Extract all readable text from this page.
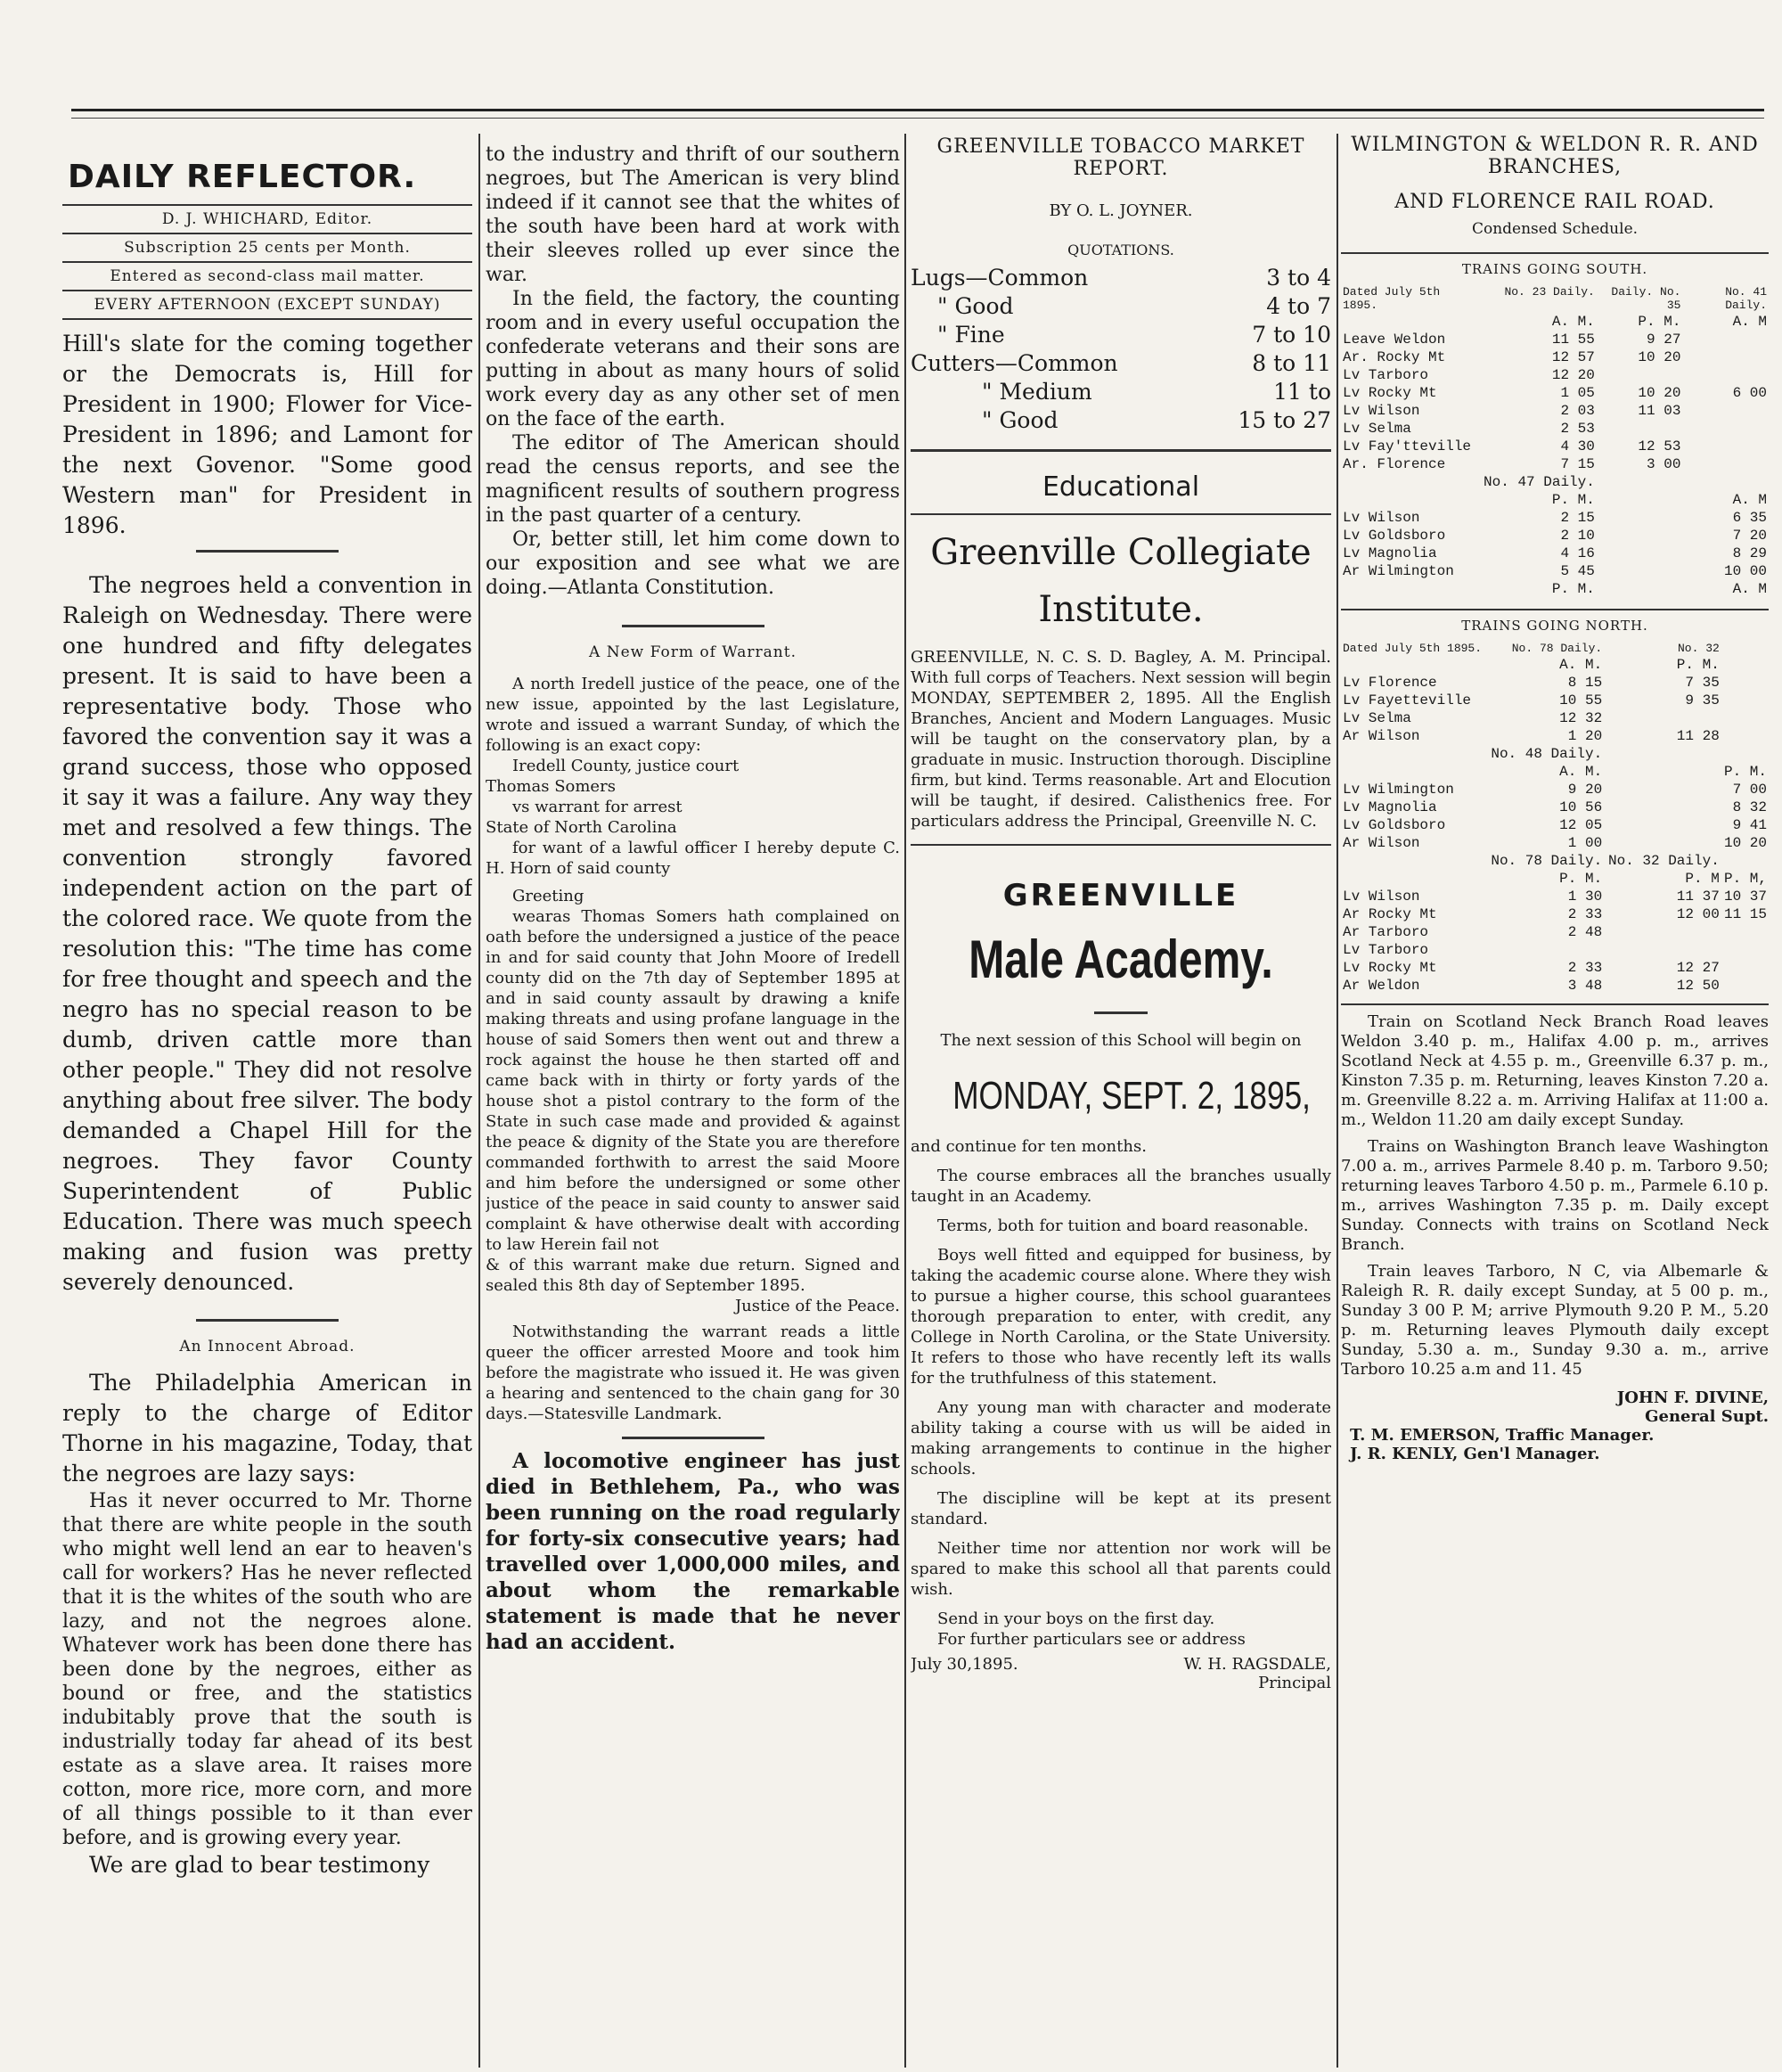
DAILY REFLECTOR.
D. J. WHICHARD, Editor.
Subscription 25 cents per Month.
Entered as second-class mail matter.
EVERY AFTERNOON (EXCEPT SUNDAY)

Hill's slate for the coming together or the Democrats is, Hill for President in 1900; Flower for Vice-President in 1896; and Lamont for the next Govenor. "Some good Western man" for President in 1896.

The negroes held a convention in Raleigh on Wednesday. There were one hundred and fifty delegates present. It is said to have been a representative body. Those who favored the convention say it was a grand success, those who opposed it say it was a failure. Any way they met and resolved a few things. The convention strongly favored independent action on the part of the colored race. We quote from the resolution this: "The time has come for free thought and speech and the negro has no special reason to be dumb, driven cattle more than other people." They did not resolve anything about free silver. The body demanded a Chapel Hill for the negroes. They favor County Superintendent of Public Education. There was much speech making and fusion was pretty severely denounced.

An Innocent Abroad.

The Philadelphia American in reply to the charge of Editor Thorne in his magazine, Today, that the negroes are lazy says:

Has it never occurred to Mr. Thorne that there are white people in the south who might well lend an ear to heaven's call for workers? Has he never reflected that it is the whites of the south who are lazy, and not the negroes alone. Whatever work has been done there has been done by the negroes, either as bound or free, and the statistics indubitably prove that the south is industrially today far ahead of its best estate as a slave area. It raises more cotton, more rice, more corn, and more of all things possible to it than ever before, and is growing every year.

We are glad to bear testimony

to the industry and thrift of our southern negroes, but The American is very blind indeed if it cannot see that the whites of the south have been hard at work with their sleeves rolled up ever since the war.

In the field, the factory, the counting room and in every useful occupation the confederate veterans and their sons are putting in about as many hours of solid work every day as any other set of men on the face of the earth.

The editor of The American should read the census reports, and see the magnificent results of southern progress in the past quarter of a century.

Or, better still, let him come down to our exposition and see what we are doing.—Atlanta Constitution.

A New Form of Warrant.

A north Iredell justice of the peace, one of the new issue, appointed by the last Legislature, wrote and issued a warrant Sunday, of which the following is an exact copy:

Iredell County, justice court

Thomas Somers

vs warrant for arrest

State of North Carolina

for want of a lawful officer I hereby depute C. H. Horn of said county

Greeting

wearas Thomas Somers hath complained on oath before the undersigned a justice of the peace in and for said county that John Moore of Iredell county did on the 7th day of September 1895 at and in said county assault by drawing a knife making threats and using profane language in the house of said Somers then went out and threw a rock against the house he then started off and came back with in thirty or forty yards of the house shot a pistol contrary to the form of the State in such case made and provided & against the peace & dignity of the State you are therefore commanded forthwith to arrest the said Moore and him before the undersigned or some other justice of the peace in said county to answer said complaint & have otherwise dealt with according to law Herein fail not

& of this warrant make due return. Signed and sealed this 8th day of September 1895.

Justice of the Peace.

Notwithstanding the warrant reads a little queer the officer arrested Moore and took him before the magistrate who issued it. He was given a hearing and sentenced to the chain gang for 30 days.—Statesville Landmark.

A locomotive engineer has just died in Bethlehem, Pa., who was been running on the road regularly for forty-six consecutive years; had travelled over 1,000,000 miles, and about whom the remarkable statement is made that he never had an accident.

GREENVILLE TOBACCO MARKET REPORT.
BY O. L. JOYNER.
QUOTATIONS.
Lugs—Common	3 to 4
" Good	4 to 7
" Fine	7 to 10
Cutters—Common	8 to 11
" Medium	11 to
" Good	15 to 27
Educational
Greenville Collegiate
Institute.

GREENVILLE, N. C. S. D. Bagley, A. M. Principal. With full corps of Teachers. Next session will begin MONDAY, SEPTEMBER 2, 1895. All the English Branches, Ancient and Modern Languages. Music will be taught on the conservatory plan, by a graduate in music. Instruction thorough. Discipline firm, but kind. Terms reasonable. Art and Elocution will be taught, if desired. Calisthenics free. For particulars address the Principal, Greenville N. C.

GREENVILLE
Male Academy.

The next session of this School will begin on

MONDAY, SEPT. 2, 1895,

and continue for ten months.

The course embraces all the branches usually taught in an Academy.

Terms, both for tuition and board reasonable.

Boys well fitted and equipped for business, by taking the academic course alone. Where they wish to pursue a higher course, this school guarantees thorough preparation to enter, with credit, any College in North Carolina, or the State University. It refers to those who have recently left its walls for the truthfulness of this statement.

Any young man with character and moderate ability taking a course with us will be aided in making arrangements to continue in the higher schools.

The discipline will be kept at its present standard.

Neither time nor attention nor work will be spared to make this school all that parents could wish.

Send in your boys on the first day.

For further particulars see or address

July 30,1895.	W. H. RAGSDALE,
Principal
WILMINGTON & WELDON R. R. AND BRANCHES,
AND FLORENCE RAIL ROAD.
Condensed Schedule.
TRAINS GOING SOUTH.
Dated July 5th 1895.	No. 23 Daily.	Daily. No. 35	No. 41 Daily.
	A. M.	P. M.	A. M
Leave Weldon	11 55	9 27	
Ar. Rocky Mt	12 57	10 20	
Lv Tarboro	12 20		
Lv Rocky Mt	1 05	10 20	6 00
Lv Wilson	2 03	11 03	
Lv Selma	2 53		
Lv Fay'tteville	4 30	12 53	
Ar. Florence	7 15	3 00	
	No. 47 Daily.		
	P. M.		A. M
Lv Wilson	2 15		6 35
Lv Goldsboro	2 10		7 20
Lv Magnolia	4 16		8 29
Ar Wilmington	5 45		10 00
	P. M.		A. M
TRAINS GOING NORTH.
Dated July 5th 1895.	No. 78 Daily.	No. 32	
	A. M.	P. M.	
Lv Florence	8 15	7 35	
Lv Fayetteville	10 55	9 35	
Lv Selma	12 32		
Ar Wilson	1 20	11 28	
	No. 48 Daily.		
	A. M.		P. M.
Lv Wilmington	9 20		7 00
Lv Magnolia	10 56		8 32
Lv Goldsboro	12 05		9 41
Ar Wilson	1 00		10 20
	No. 78 Daily.	No. 32 Daily.	
	P. M.	P. M	P. M,
Lv Wilson	1 30	11 37	10 37
Ar Rocky Mt	2 33	12 00	11 15
Ar Tarboro	2 48		
Lv Tarboro			
Lv Rocky Mt	2 33	12 27	
Ar Weldon	3 48	12 50	

Train on Scotland Neck Branch Road leaves Weldon 3.40 p. m., Halifax 4.00 p. m., arrives Scotland Neck at 4.55 p. m., Greenville 6.37 p. m., Kinston 7.35 p. m. Returning, leaves Kinston 7.20 a. m. Greenville 8.22 a. m. Arriving Halifax at 11:00 a. m., Weldon 11.20 am daily except Sunday.

Trains on Washington Branch leave Washington 7.00 a. m., arrives Parmele 8.40 p. m. Tarboro 9.50; returning leaves Tarboro 4.50 p. m., Parmele 6.10 p. m., arrives Washington 7.35 p. m. Daily except Sunday. Connects with trains on Scotland Neck Branch.

Train leaves Tarboro, N C, via Albemarle & Raleigh R. R. daily except Sunday, at 5 00 p. m., Sunday 3 00 P. M; arrive Plymouth 9.20 P. M., 5.20 p. m. Returning leaves Plymouth daily except Sunday, 5.30 a. m., Sunday 9.30 a. m., arrive Tarboro 10.25 a.m and 11. 45

JOHN F. DIVINE,
General Supt.
T. M. EMERSON, Traffic Manager.
J. R. KENLY, Gen'l Manager.
